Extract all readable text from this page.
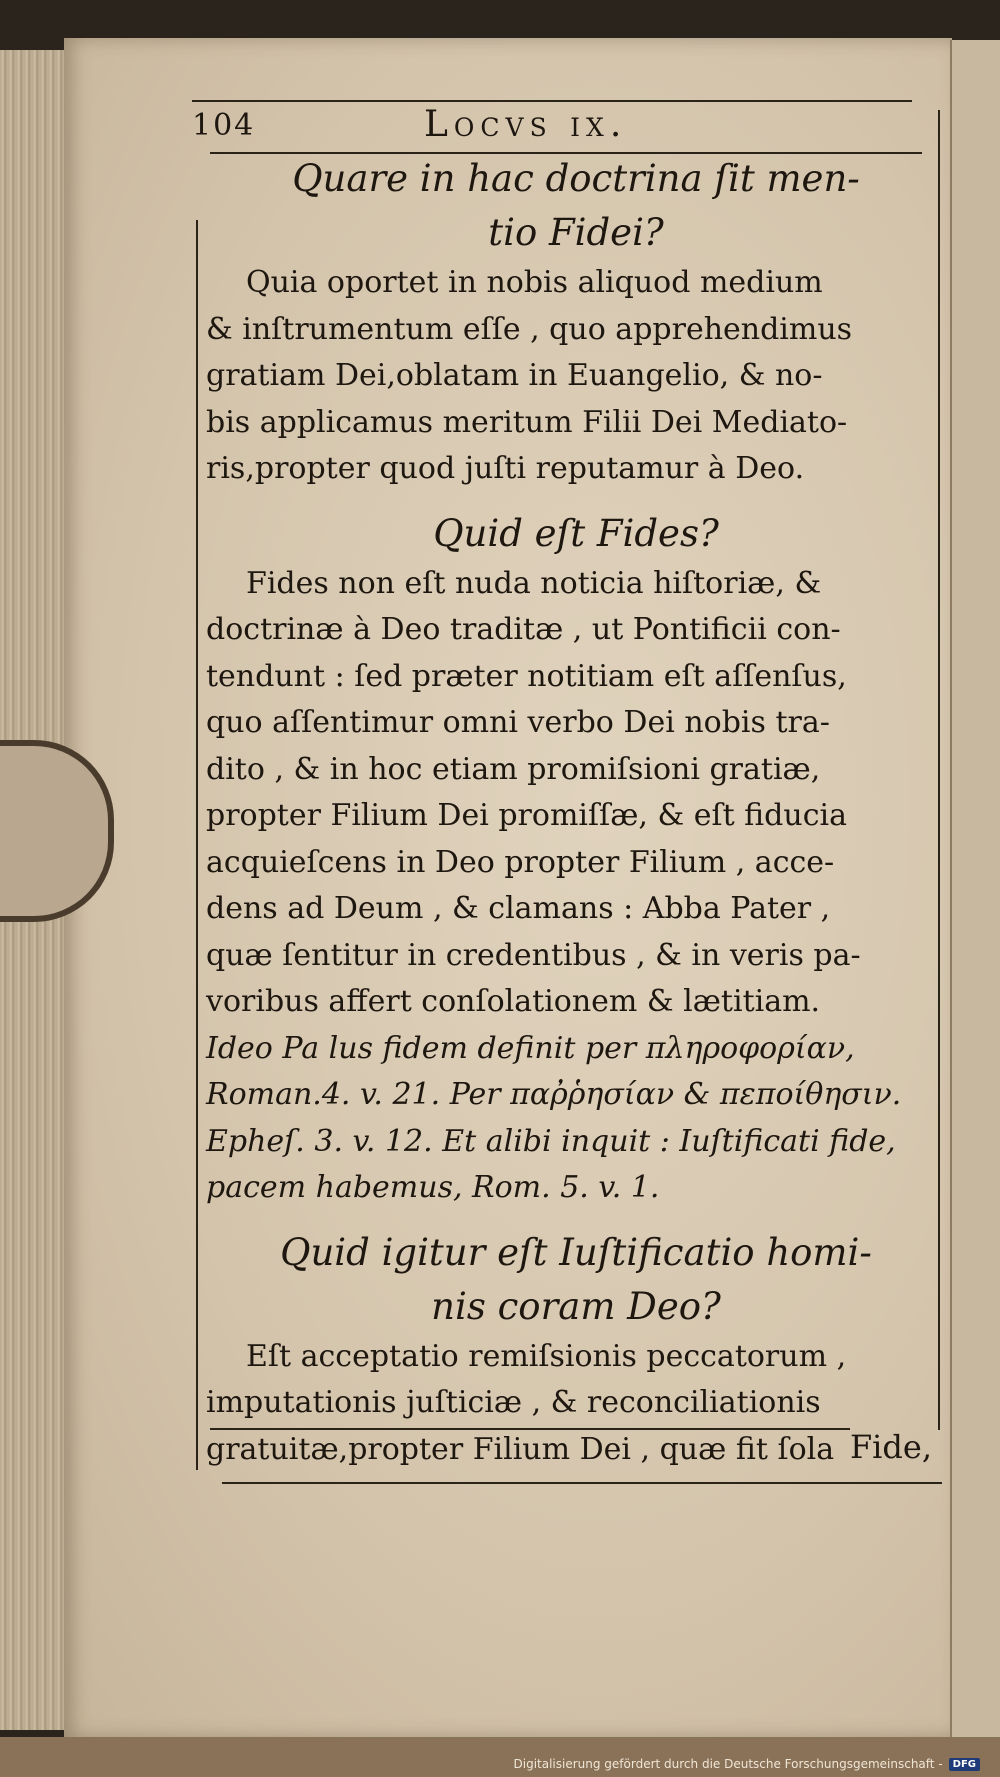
104	Locvs ix.
Quare in hac doctrina ſit men-
tio Fidei?
Quia oportet in nobis aliquod medium
& inſtrumentum eſſe , quo apprehendimus
gratiam Dei,oblatam in Euangelio, & no-
bis applicamus meritum Filii Dei Mediato-
ris,propter quod juſti reputamur à Deo.
Quid eſt Fides?
Fides non eſt nuda noticia hiſtoriæ, &
doctrinæ à Deo traditæ , ut Pontificii con-
tendunt : ſed præter notitiam eſt aſſenſus,
quo aſſentimur omni verbo Dei nobis tra-
dito , & in hoc etiam promiſsioni gratiæ,
propter Filium Dei promiſſæ, & eſt fiducia
acquieſcens in Deo propter Filium , acce-
dens ad Deum , & clamans : Abba Pater ,
quæ ſentitur in credentibus , & in veris pa-
voribus affert conſolationem & lætitiam.
Ideo Pa lus fidem definit per πληροφορίαν,
Roman.4. v. 21. Per παῤῥησίαν & πεποίθησιν.
Epheſ. 3. v. 12. Et alibi inquit : Iuſtificati fide,
pacem habemus, Rom. 5. v. 1.
Quid igitur eſt Iuſtificatio homi-
nis coram Deo?
Eſt acceptatio remiſsionis peccatorum ,
imputationis juſticiæ , & reconciliationis
gratuitæ,propter Filium Dei , quæ fit ſola Fide,
Digitalisierung gefördert durch die Deutsche Forschungsgemeinschaft -	DFG
